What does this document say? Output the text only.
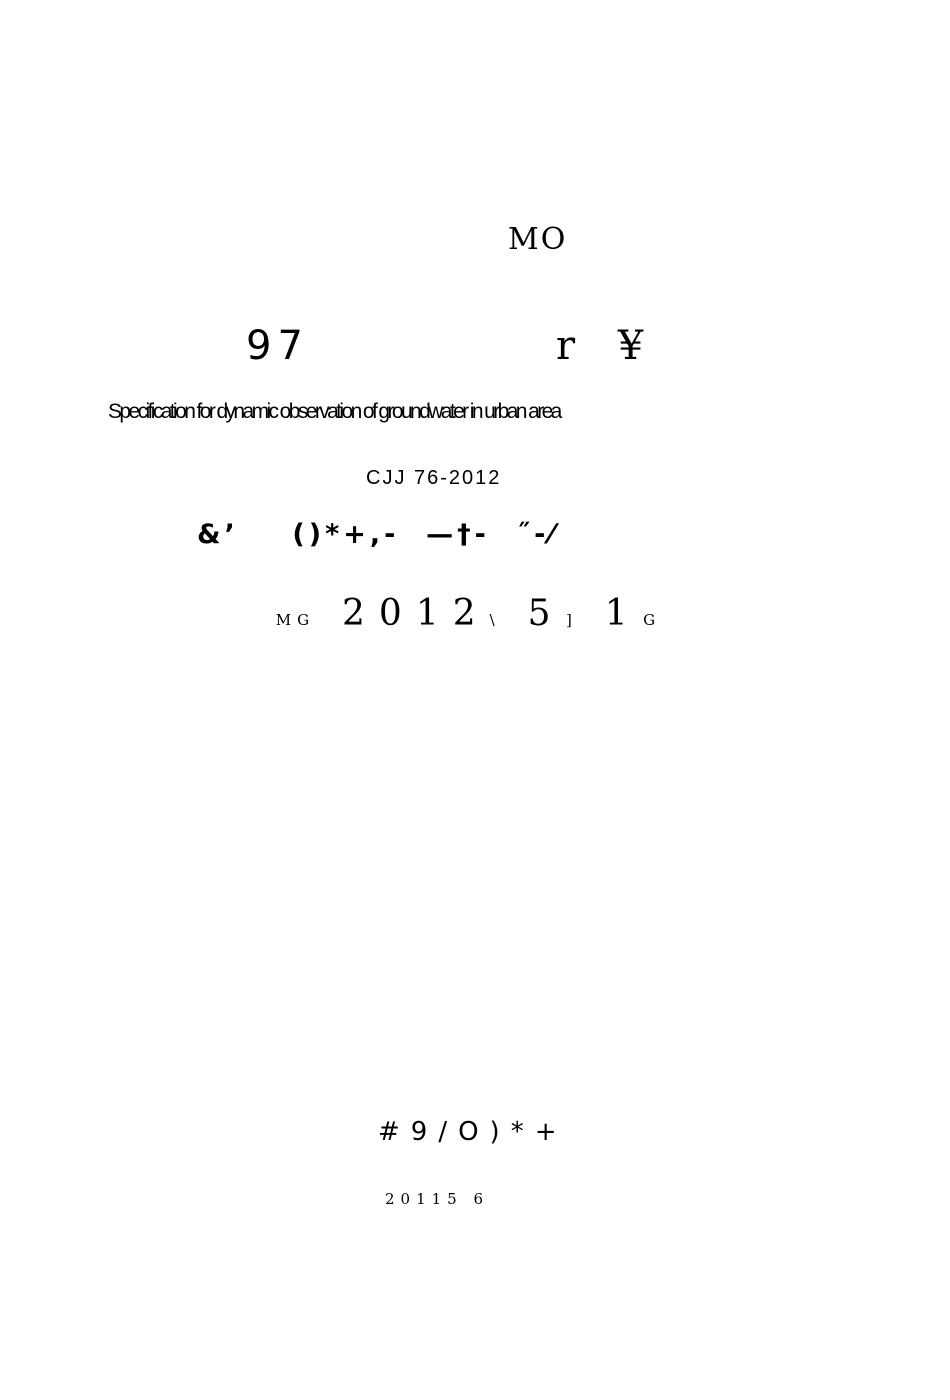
MO
97	r ¥
Specification for dynamic observation of groundwater in urban area
CJJ 76-2012
&’    ()*+,-  —†-  ˝-⁄

MG 2012\ 5 ] 1 G

#9/O)*+
20115 6
